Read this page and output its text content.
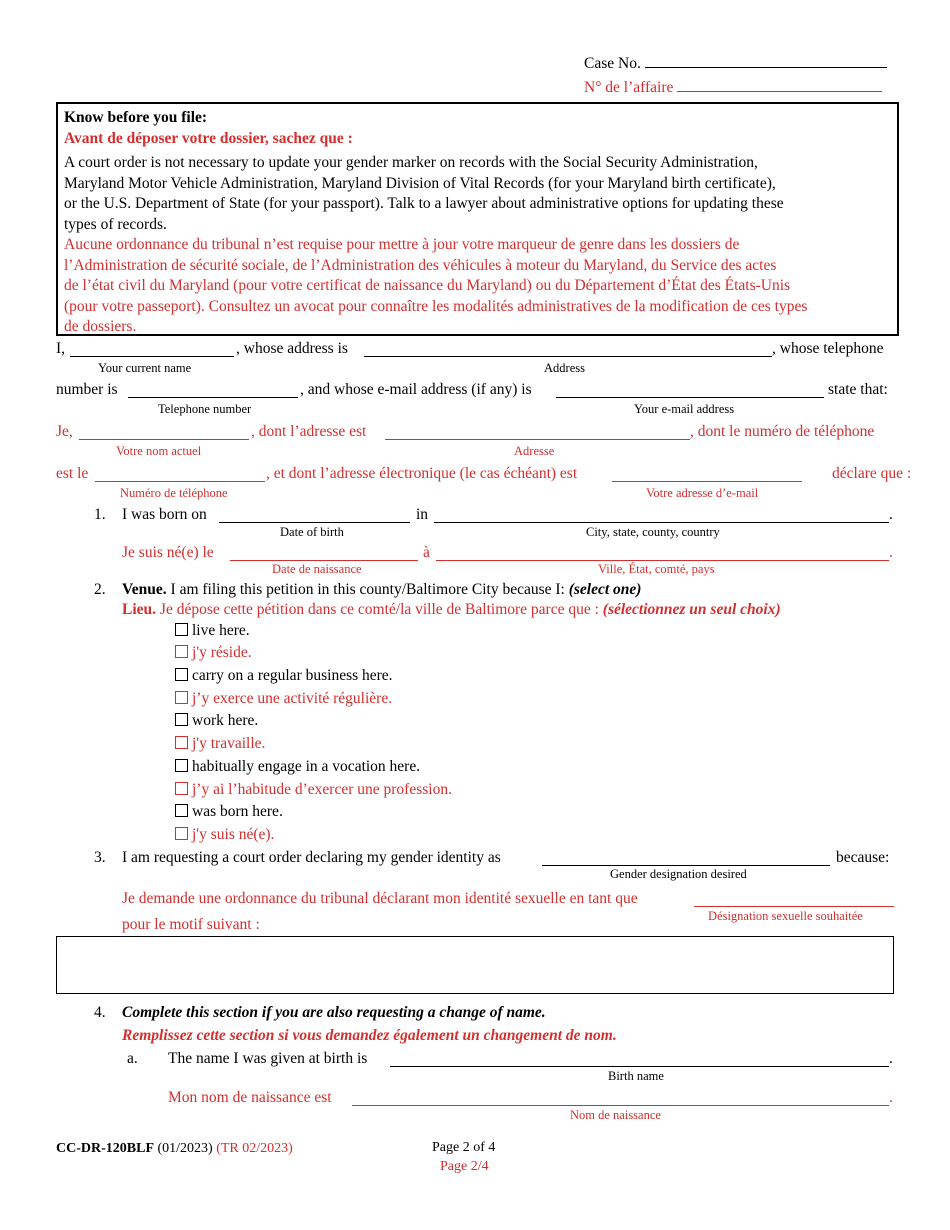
Case No.
N° de l’affaire

Know before you file:

Avant de déposer votre dossier, sachez que :

A court order is not necessary to update your gender marker on records with the Social Security Administration,

Maryland Motor Vehicle Administration, Maryland Division of Vital Records (for your Maryland birth certificate),

or the U.S. Department of State (for your passport). Talk to a lawyer about administrative options for updating these

types of records.

Aucune ordonnance du tribunal n’est requise pour mettre à jour votre marqueur de genre dans les dossiers de

l’Administration de sécurité sociale, de l’Administration des véhicules à moteur du Maryland, du Service des actes

de l’état civil du Maryland (pour votre certificat de naissance du Maryland) ou du Département d’État des États-Unis

(pour votre passeport). Consultez un avocat pour connaître les modalités administratives de la modification de ces types

de dossiers.

I,	, whose address is	, whose telephone
Your current name	Address
number is	, and whose e-mail address (if any) is	state that:
Telephone number	Your e-mail address
Je,	, dont l’adresse est	, dont le numéro de téléphone
Votre nom actuel	Adresse
est le	, et dont l’adresse électronique (le cas échéant) est	déclare que :
Numéro de téléphone	Votre adresse d’e-mail
1. I was born on	in	.
Date of birth	City, state, county, country
Je suis né(e) le	à	.
Date de naissance	Ville, État, comté, pays
2. Venue. I am filing this petition in this county/Baltimore City because I: (select one)
Lieu. Je dépose cette pétition dans ce comté/la ville de Baltimore parce que : (sélectionnez un seul choix)
live here.
j'y réside.
carry on a regular business here.
j’y exerce une activité régulière.
work here.
j'y travaille.
habitually engage in a vocation here.
j’y ai l’habitude d’exercer une profession.
was born here.
j'y suis né(e).
3. I am requesting a court order declaring my gender identity as	because:
Gender designation desired
Je demande une ordonnance du tribunal déclarant mon identité sexuelle en tant que
Désignation sexuelle souhaitée
pour le motif suivant :
4. Complete this section if you are also requesting a change of name.
Remplissez cette section si vous demandez également un changement de nom.
a. The name I was given at birth is	.
Birth name
Mon nom de naissance est	.
Nom de naissance
CC-DR-120BLF (01/2023) (TR 02/2023)	Page 2 of 4
Page 2/4
